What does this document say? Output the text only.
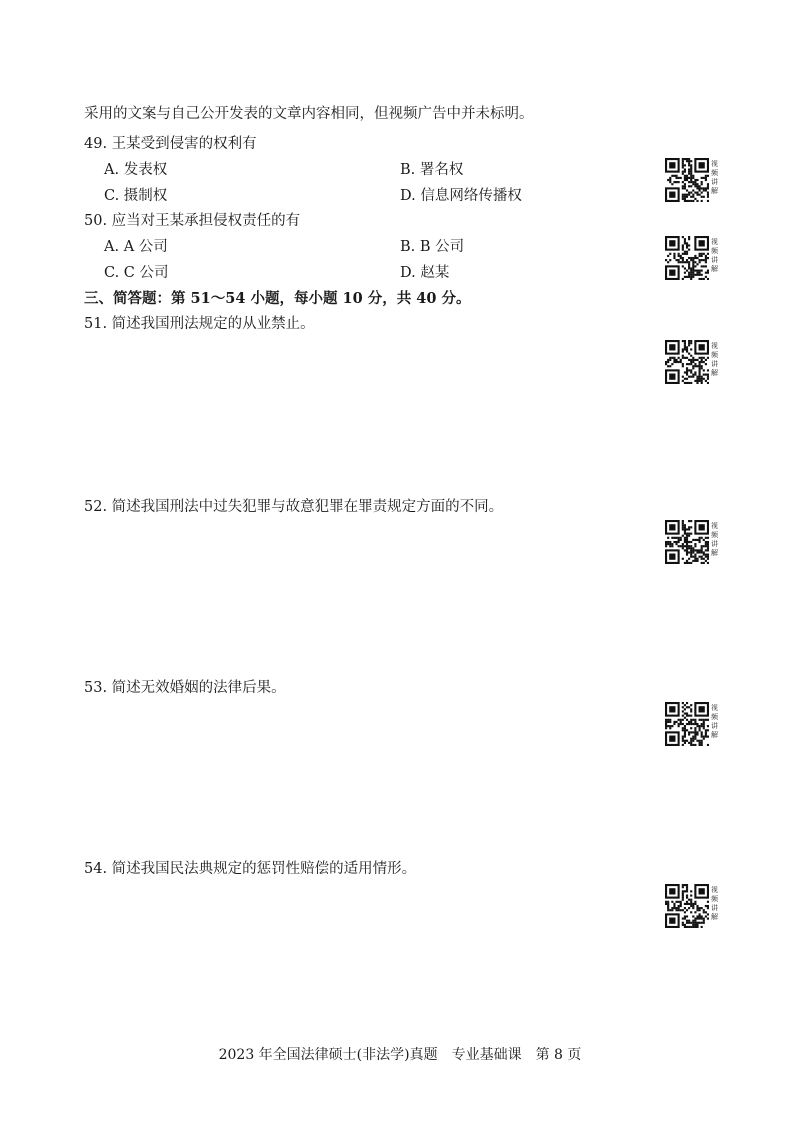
采用的文案与自己公开发表的文章内容相同，但视频广告中并未标明。
49. 王某受到侵害的权利有
A. 发表权	B. 署名权
C. 摄制权	D. 信息网络传播权
50. 应当对王某承担侵权责任的有
A. A 公司	B. B 公司
C. C 公司	D. 赵某
三、简答题：第 51～54 小题，每小题 10 分，共 40 分。
51. 简述我国刑法规定的从业禁止。
52. 简述我国刑法中过失犯罪与故意犯罪在罪责规定方面的不同。
53. 简述无效婚姻的法律后果。
54. 简述我国民法典规定的惩罚性赔偿的适用情形。
视频讲解
视频讲解
视频讲解
视频讲解
视频讲解
视频讲解
2023 年全国法律硕士(非法学)真题　专业基础课　第 8 页
